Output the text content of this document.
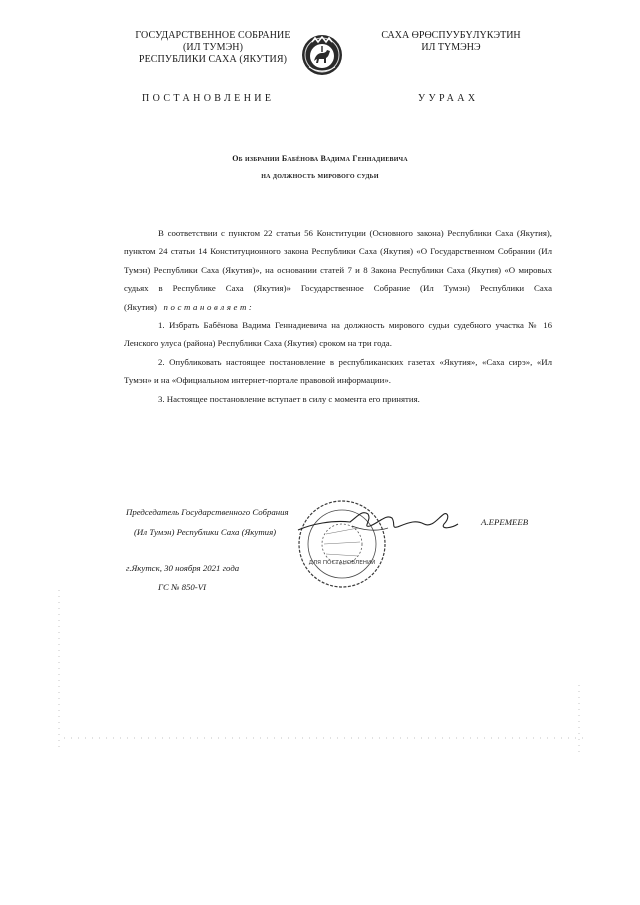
ГОСУДАРСТВЕННОЕ СОБРАНИЕ
(ИЛ ТУМЭН)
РЕСПУБЛИКИ САХА (ЯКУТИЯ)
САХА ӨРӨСПУУБҮЛҮКЭТИН
ИЛ ТҮМЭНЭ
ПОСТАНОВЛЕНИЕ	УУРААХ
Об избрании Бабёнова Вадима Геннадиевича
на должность мирового судьи

В соответствии с пунктом 22 статьи 56 Конституции (Основного закона) Республики Саха (Якутия), пунктом 24 статьи 14 Конституционного закона Республики Саха (Якутия) «О Государственном Собрании (Ил Тумэн) Республики Саха (Якутия)», на основании статей 7 и 8 Закона Республики Саха (Якутия) «О мировых судьях в Республике Саха (Якутия)» Государственное Собрание (Ил Тумэн) Республики Саха (Якутия) постановляет:

1. Избрать Бабёнова Вадима Геннадиевича на должность мирового судьи судебного участка № 16 Ленского улуса (района) Республики Саха (Якутия) сроком на три года.

2. Опубликовать настоящее постановление в республиканских газетах «Якутия», «Саха сирэ», «Ил Тумэн» и на «Официальном интернет-портале правовой информации».

3. Настоящее постановление вступает в силу с момента его принятия.

Председатель Государственного Собрания
(Ил Тумэн) Республики Саха (Якутия)
ДЛЯ ПОСТАНОВЛЕНИЙ
А.ЕРЕМЕЕВ
г.Якутск, 30 ноября 2021 года
ГС № 850-VI
